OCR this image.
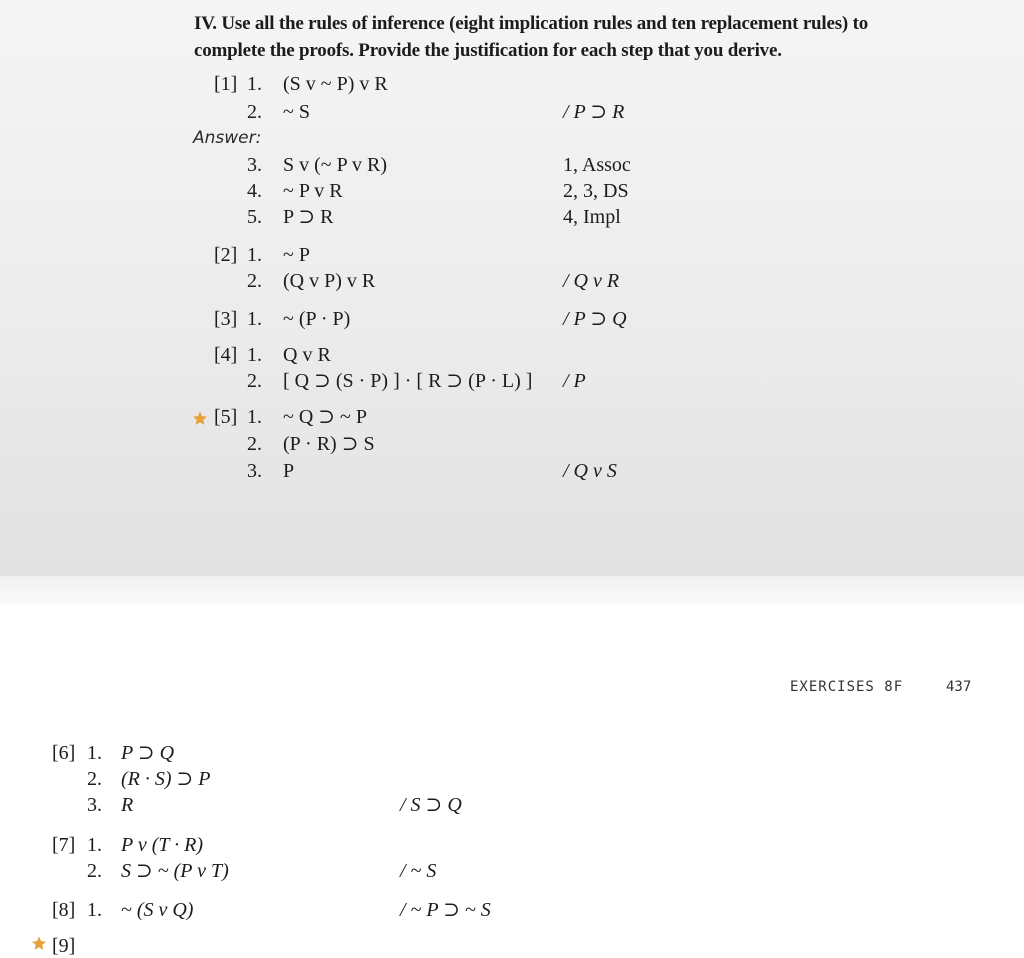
IV. Use all the rules of inference (eight implication rules and ten replacement rules) to complete the proofs. Provide the justification for each step that you derive.

[1] 1. (S v ~ P) v R
2. ~ S	/ P ⊃ R
Answer:
3. S v (~ P v R)	1, Assoc
4. ~ P v R	2, 3, DS
5. P ⊃ R	4, Impl
[2] 1. ~ P
2. (Q v P) v R	/ Q v R
[3] 1. ~ (P · P)	/ P ⊃ Q
[4] 1. Q v R
2. [ Q ⊃ (S · P) ] · [ R ⊃ (P · L) ] / P
[5] 1. ~ Q ⊃ ~ P
2. (P · R) ⊃ S
3. P	/ Q v S
EXERCISES 8F	437
[6] 1. P ⊃ Q
2. (R · S) ⊃ P
3. R	/ S ⊃ Q
[7] 1. P v (T · R)
2. S ⊃ ~ (P v T)	/ ~ S
[8] 1. ~ (S v Q)	/ ~ P ⊃ ~ S
[9]
